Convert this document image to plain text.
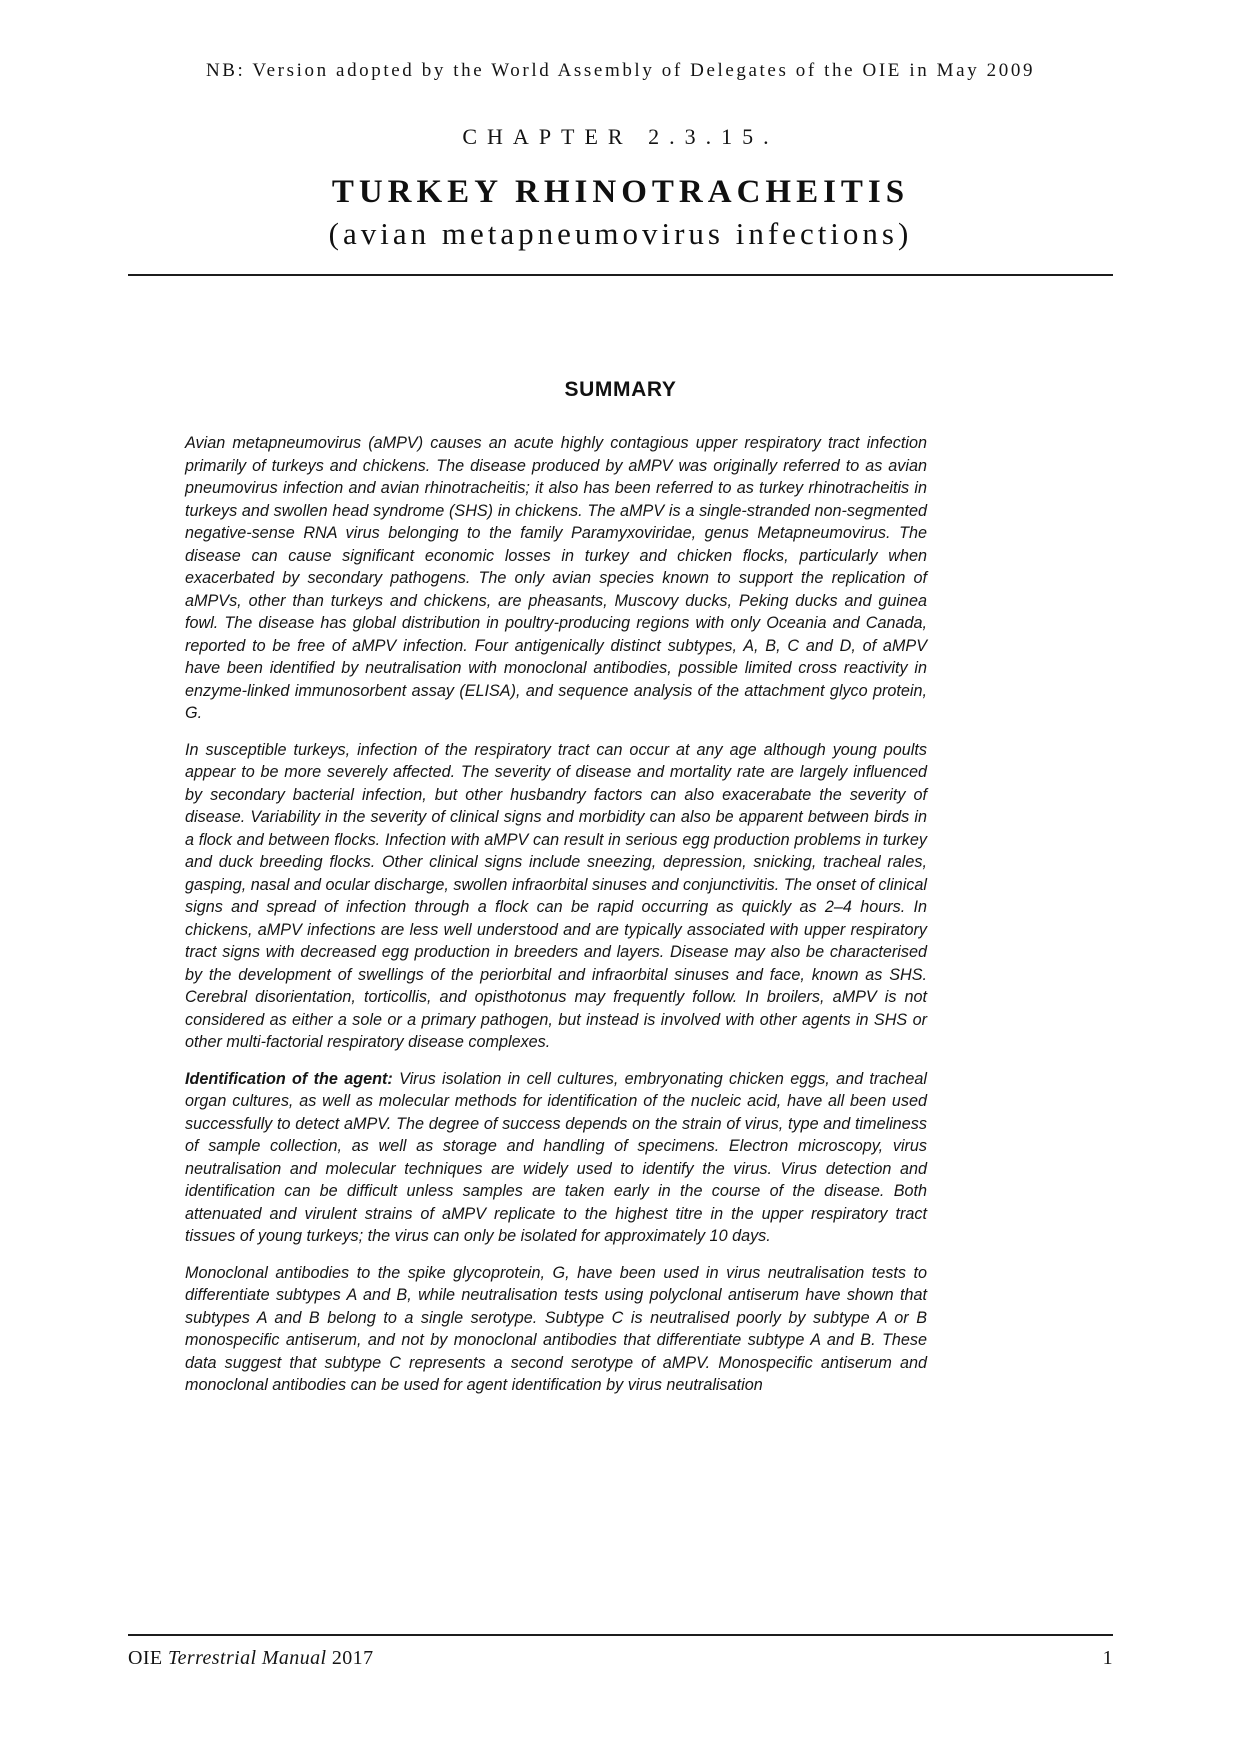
NB: Version adopted by the World Assembly of Delegates of the OIE in May 2009
CHAPTER 2.3.15.
TURKEY RHINOTRACHEITIS
(avian metapneumovirus infections)
SUMMARY

Avian metapneumovirus (aMPV) causes an acute highly contagious upper respiratory tract infection primarily of turkeys and chickens. The disease produced by aMPV was originally referred to as avian pneumovirus infection and avian rhinotracheitis; it also has been referred to as turkey rhinotracheitis in turkeys and swollen head syndrome (SHS) in chickens. The aMPV is a single-stranded non-segmented negative-sense RNA virus belonging to the family Paramyxoviridae, genus Metapneumovirus. The disease can cause significant economic losses in turkey and chicken flocks, particularly when exacerbated by secondary pathogens. The only avian species known to support the replication of aMPVs, other than turkeys and chickens, are pheasants, Muscovy ducks, Peking ducks and guinea fowl. The disease has global distribution in poultry-producing regions with only Oceania and Canada, reported to be free of aMPV infection. Four antigenically distinct subtypes, A, B, C and D, of aMPV have been identified by neutralisation with monoclonal antibodies, possible limited cross reactivity in enzyme-linked immunosorbent assay (ELISA), and sequence analysis of the attachment glyco protein, G.

In susceptible turkeys, infection of the respiratory tract can occur at any age although young poults appear to be more severely affected. The severity of disease and mortality rate are largely influenced by secondary bacterial infection, but other husbandry factors can also exacerabate the severity of disease. Variability in the severity of clinical signs and morbidity can also be apparent between birds in a flock and between flocks. Infection with aMPV can result in serious egg production problems in turkey and duck breeding flocks. Other clinical signs include sneezing, depression, snicking, tracheal rales, gasping, nasal and ocular discharge, swollen infraorbital sinuses and conjunctivitis. The onset of clinical signs and spread of infection through a flock can be rapid occurring as quickly as 2–4 hours. In chickens, aMPV infections are less well understood and are typically associated with upper respiratory tract signs with decreased egg production in breeders and layers. Disease may also be characterised by the development of swellings of the periorbital and infraorbital sinuses and face, known as SHS. Cerebral disorientation, torticollis, and opisthotonus may frequently follow. In broilers, aMPV is not considered as either a sole or a primary pathogen, but instead is involved with other agents in SHS or other multi-factorial respiratory disease complexes.

Identification of the agent: Virus isolation in cell cultures, embryonating chicken eggs, and tracheal organ cultures, as well as molecular methods for identification of the nucleic acid, have all been used successfully to detect aMPV. The degree of success depends on the strain of virus, type and timeliness of sample collection, as well as storage and handling of specimens. Electron microscopy, virus neutralisation and molecular techniques are widely used to identify the virus. Virus detection and identification can be difficult unless samples are taken early in the course of the disease. Both attenuated and virulent strains of aMPV replicate to the highest titre in the upper respiratory tract tissues of young turkeys; the virus can only be isolated for approximately 10 days.

Monoclonal antibodies to the spike glycoprotein, G, have been used in virus neutralisation tests to differentiate subtypes A and B, while neutralisation tests using polyclonal antiserum have shown that subtypes A and B belong to a single serotype. Subtype C is neutralised poorly by subtype A or B monospecific antiserum, and not by monoclonal antibodies that differentiate subtype A and B. These data suggest that subtype C represents a second serotype of aMPV. Monospecific antiserum and monoclonal antibodies can be used for agent identification by virus neutralisation

OIE Terrestrial Manual 2017	1
